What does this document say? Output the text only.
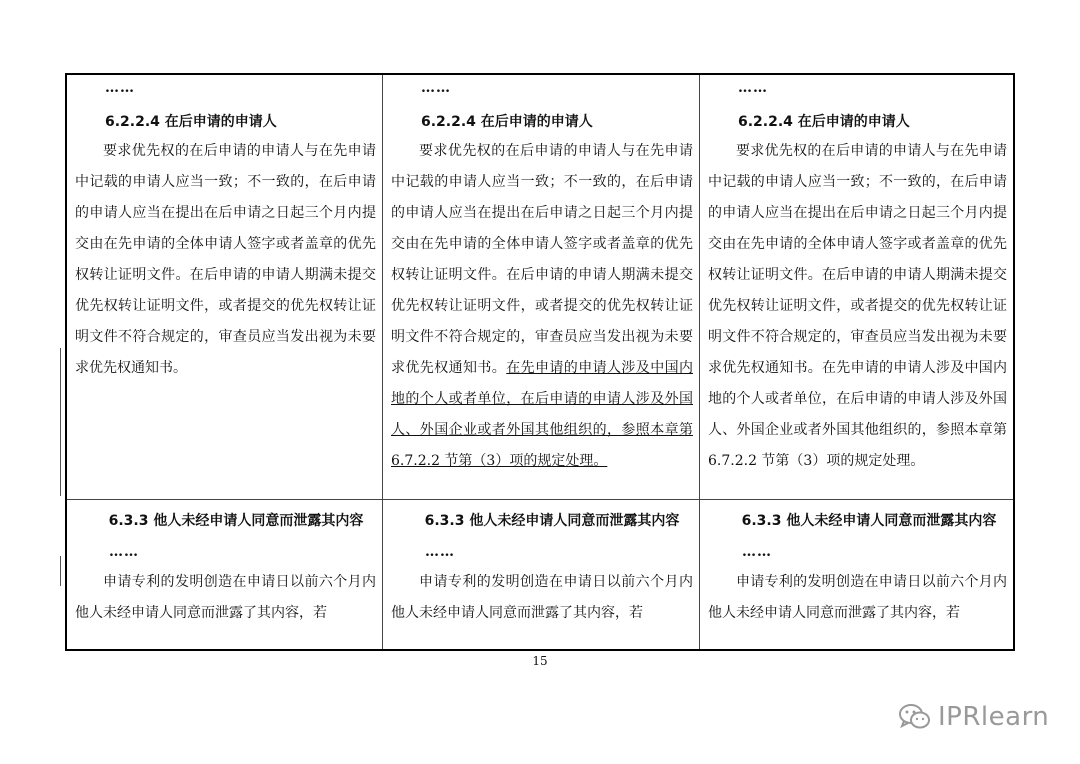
……
6.2.2.4 在后申请的申请人

要求优先权的在后申请的申请人与在先申请中记载的申请人应当一致；不一致的，在后申请的申请人应当在提出在后申请之日起三个月内提交由在先申请的全体申请人签字或者盖章的优先权转让证明文件。在后申请的申请人期满未提交优先权转让证明文件，或者提交的优先权转让证明文件不符合规定的，审查员应当发出视为未要求优先权通知书。

6.3.3 他人未经申请人同意而泄露其内容

……

申请专利的发明创造在申请日以前六个月内他人未经申请人同意而泄露了其内容，若

……
6.2.2.4 在后申请的申请人

要求优先权的在后申请的申请人与在先申请中记载的申请人应当一致；不一致的，在后申请的申请人应当在提出在后申请之日起三个月内提交由在先申请的全体申请人签字或者盖章的优先权转让证明文件。在后申请的申请人期满未提交优先权转让证明文件，或者提交的优先权转让证明文件不符合规定的，审查员应当发出视为未要求优先权通知书。在先申请的申请人涉及中国内地的个人或者单位，在后申请的申请人涉及外国人、外国企业或者外国其他组织的，参照本章第 6.7.2.2 节第（3）项的规定处理。

6.3.3 他人未经申请人同意而泄露其内容

……

申请专利的发明创造在申请日以前六个月内他人未经申请人同意而泄露了其内容，若

……
6.2.2.4 在后申请的申请人

要求优先权的在后申请的申请人与在先申请中记载的申请人应当一致；不一致的，在后申请的申请人应当在提出在后申请之日起三个月内提交由在先申请的全体申请人签字或者盖章的优先权转让证明文件。在后申请的申请人期满未提交优先权转让证明文件，或者提交的优先权转让证明文件不符合规定的，审查员应当发出视为未要求优先权通知书。在先申请的申请人涉及中国内地的个人或者单位，在后申请的申请人涉及外国人、外国企业或者外国其他组织的，参照本章第 6.7.2.2 节第（3）项的规定处理。

6.3.3 他人未经申请人同意而泄露其内容

……

申请专利的发明创造在申请日以前六个月内他人未经申请人同意而泄露了其内容，若

15
IPRlearn
